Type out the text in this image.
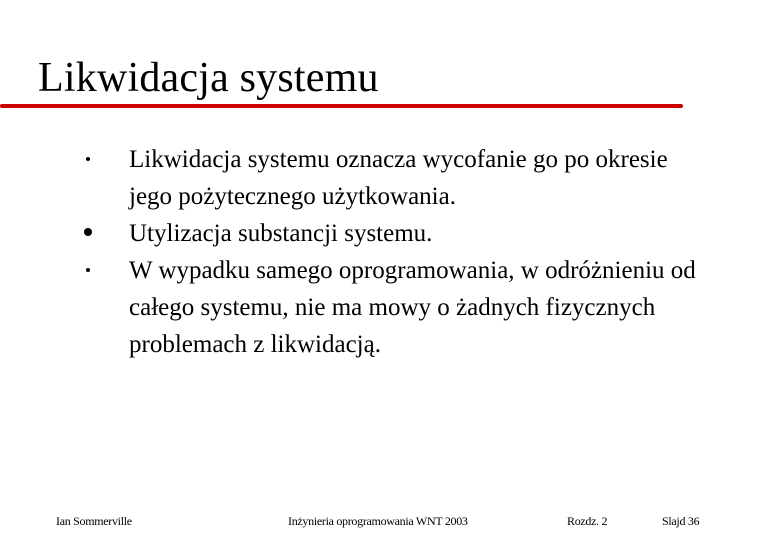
Likwidacja systemu
Likwidacja systemu oznacza wycofanie go po okresie jego pożytecznego użytkowania.
Utylizacja substancji systemu.
W wypadku samego oprogramowania, w odróżnieniu od całego systemu, nie ma mowy o żadnych fizycznych problemach z likwidacją.
Ian Sommerville	Inżynieria oprogramowania WNT 2003	Rozdz. 2	Slajd 36
